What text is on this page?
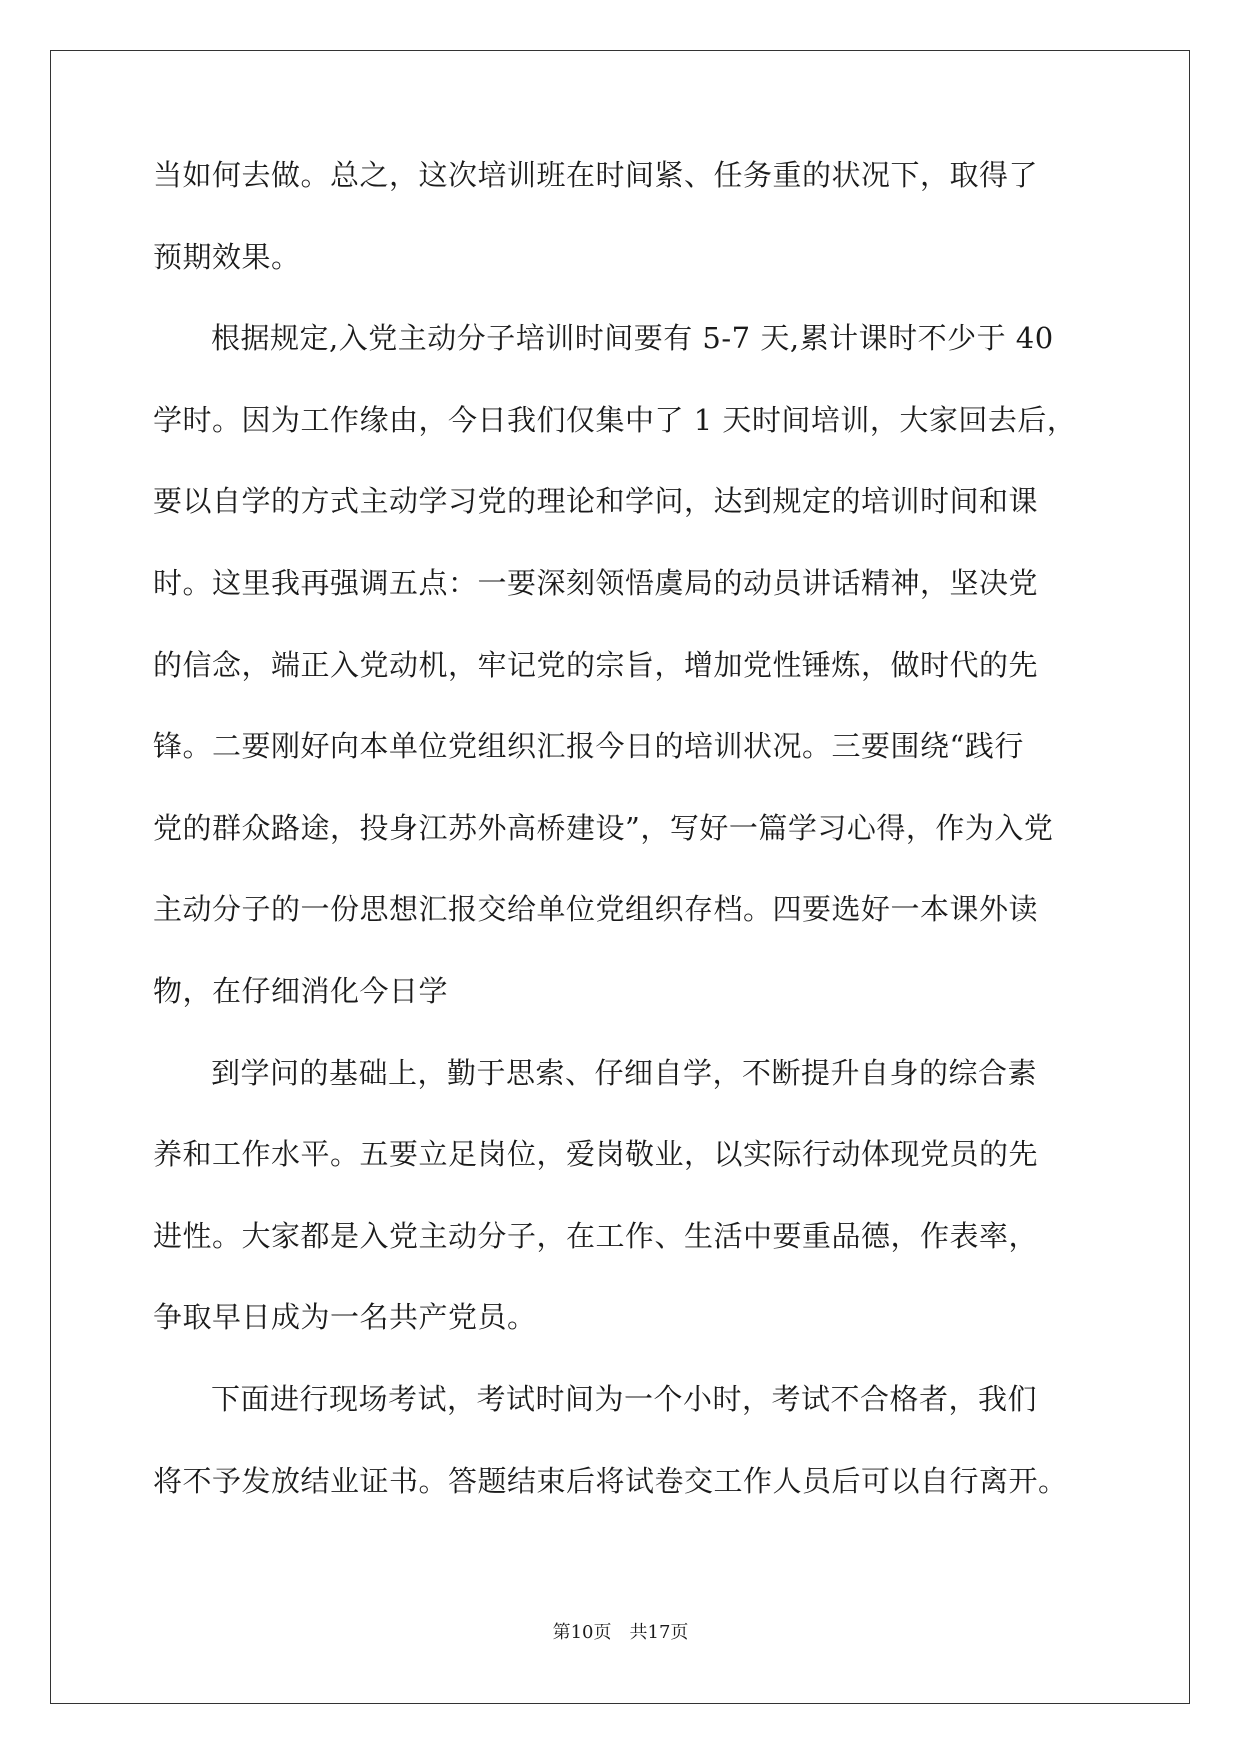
当如何去做。总之，这次培训班在时间紧、任务重的状况下，取得了
预期效果。
根据规定,入党主动分子培训时间要有 5-7 天,累计课时不少于 40
学时。因为工作缘由，今日我们仅集中了 1 天时间培训，大家回去后，
要以自学的方式主动学习党的理论和学问，达到规定的培训时间和课
时。这里我再强调五点：一要深刻领悟虞局的动员讲话精神，坚决党
的信念，端正入党动机，牢记党的宗旨，增加党性锤炼，做时代的先
锋。二要刚好向本单位党组织汇报今日的培训状况。三要围绕“践行
党的群众路途，投身江苏外高桥建设”，写好一篇学习心得，作为入党
主动分子的一份思想汇报交给单位党组织存档。四要选好一本课外读
物，在仔细消化今日学
到学问的基础上，勤于思索、仔细自学，不断提升自身的综合素
养和工作水平。五要立足岗位，爱岗敬业，以实际行动体现党员的先
进性。大家都是入党主动分子，在工作、生活中要重品德，作表率，
争取早日成为一名共产党员。
下面进行现场考试，考试时间为一个小时，考试不合格者，我们
将不予发放结业证书。答题结束后将试卷交工作人员后可以自行离开。
第10页 共17页
